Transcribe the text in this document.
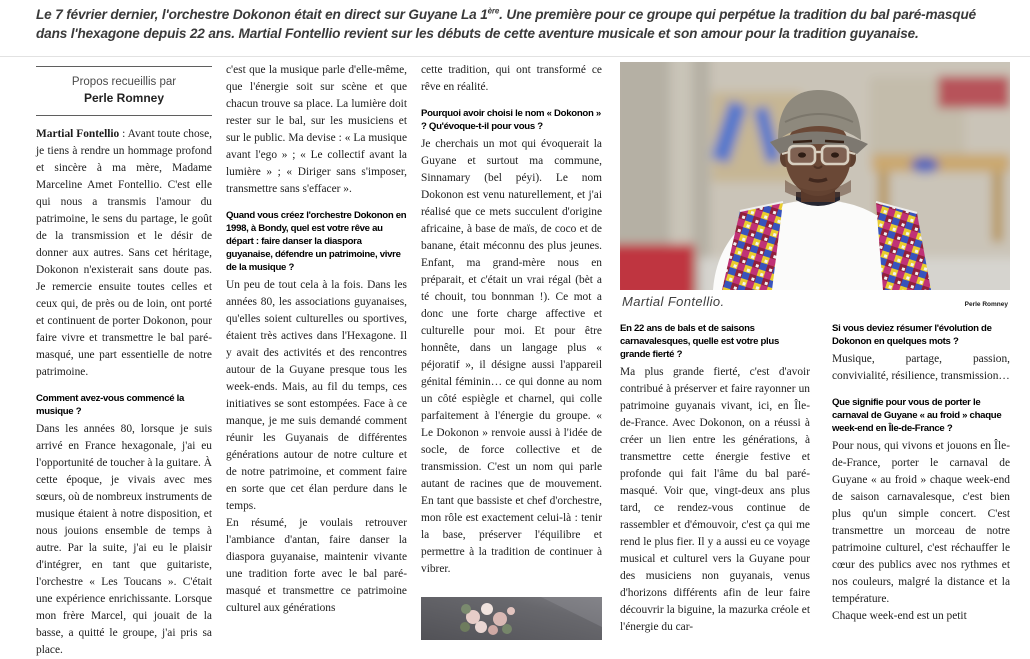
Le 7 février dernier, l'orchestre Dokonon était en direct sur Guyane La 1ère. Une première pour ce groupe qui perpétue la tradition du bal paré-masqué dans l'hexagone depuis 22 ans. Martial Fontellio revient sur les débuts de cette aventure musicale et son amour pour la tradition guyanaise.
Propos recueillis par
Perle Romney

Martial Fontellio : Avant toute chose, je tiens à rendre un hommage profond et sincère à ma mère, Madame Marceline Amet Fontellio. C'est elle qui nous a transmis l'amour du patrimoine, le sens du partage, le goût de la transmission et le désir de donner aux autres. Sans cet héritage, Dokonon n'existerait sans doute pas. Je remercie ensuite toutes celles et ceux qui, de près ou de loin, ont porté et continuent de porter Dokonon, pour faire vivre et transmettre le bal paré-masqué, une part essentielle de notre patrimoine.

Comment avez-vous commencé la musique ?

Dans les années 80, lorsque je suis arrivé en France hexagonale, j'ai eu l'opportunité de toucher à la guitare. À cette époque, je vivais avec mes sœurs, où de nombreux instruments de musique étaient à notre disposition, et nous jouions ensemble de temps à autre. Par la suite, j'ai eu le plaisir d'intégrer, en tant que guitariste, l'orchestre « Les Toucans ». C'était une expérience enrichissante. Lorsque mon frère Marcel, qui jouait de la basse, a quitté le groupe, j'ai pris sa place.

c'est que la musique parle d'elle-même, que l'énergie soit sur scène et que chacun trouve sa place. La lumière doit rester sur le bal, sur les musiciens et sur le public. Ma devise : « La musique avant l'ego » ; « Le collectif avant la lumière » ; « Diriger sans s'imposer, transmettre sans s'effacer ».

Quand vous créez l'orchestre Dokonon en 1998, à Bondy, quel est votre rêve au départ : faire danser la diaspora guyanaise, défendre un patrimoine, vivre de la musique ?

Un peu de tout cela à la fois. Dans les années 80, les associations guyanaises, qu'elles soient culturelles ou sportives, étaient très actives dans l'Hexagone. Il y avait des activités et des rencontres autour de la Guyane presque tous les week-ends. Mais, au fil du temps, ces initiatives se sont estompées. Face à ce manque, je me suis demandé comment réunir les Guyanais de différentes générations autour de notre culture et de notre patrimoine, et comment faire en sorte que cet élan perdure dans le temps.

En résumé, je voulais retrouver l'ambiance d'antan, faire danser la diaspora guyanaise, maintenir vivante une tradition forte avec le bal paré-masqué et transmettre ce patrimoine culturel aux générations

cette tradition, qui ont transformé ce rêve en réalité.

Pourquoi avoir choisi le nom « Dokonon » ? Qu'évoque-t-il pour vous ?

Je cherchais un mot qui évoquerait la Guyane et surtout ma commune, Sinnamary (bel péyi). Le nom Dokonon est venu naturellement, et j'ai réalisé que ce mets succulent d'origine africaine, à base de maïs, de coco et de banane, était méconnu des plus jeunes. Enfant, ma grand-mère nous en préparait, et c'était un vrai régal (bèt a té chouit, tou bonnman !). Ce mot a donc une forte charge affective et culturelle pour moi. Et pour être honnête, dans un langage plus « péjoratif », il désigne aussi l'appareil génital féminin… ce qui donne au nom un côté espiègle et charnel, qui colle parfaitement à l'énergie du groupe. « Le Dokonon » renvoie aussi à l'idée de socle, de force collective et de transmission. C'est un nom qui parle autant de racines que de mouvement. En tant que bassiste et chef d'orchestre, mon rôle est exactement celui-là : tenir la base, préserver l'équilibre et permettre à la tradition de continuer à vibrer.

Martial Fontellio.	Perle Romney

En 22 ans de bals et de saisons carnavalesques, quelle est votre plus grande fierté ?

Ma plus grande fierté, c'est d'avoir contribué à préserver et faire rayonner un patrimoine guyanais vivant, ici, en Île-de-France. Avec Dokonon, on a réussi à créer un lien entre les générations, à transmettre cette énergie festive et profonde qui fait l'âme du bal paré-masqué. Voir que, vingt-deux ans plus tard, ce rendez-vous continue de rassembler et d'émouvoir, c'est ça qui me rend le plus fier. Il y a aussi eu ce voyage musical et culturel vers la Guyane pour des musiciens non guyanais, venus d'horizons différents afin de leur faire découvrir la biguine, la mazurka créole et l'énergie du car-

Si vous deviez résumer l'évolution de Dokonon en quelques mots ?

Musique, partage, passion, convivialité, résilience, transmission…

Que signifie pour vous de porter le carnaval de Guyane « au froid » chaque week-end en Île-de-France ?

Pour nous, qui vivons et jouons en Île-de-France, porter le carnaval de Guyane « au froid » chaque week-end de saison carnavalesque, c'est bien plus qu'un simple concert. C'est transmettre un morceau de notre patrimoine culturel, c'est réchauffer le cœur des publics avec nos rythmes et nos couleurs, malgré la distance et la température.

Chaque week-end est un petit
